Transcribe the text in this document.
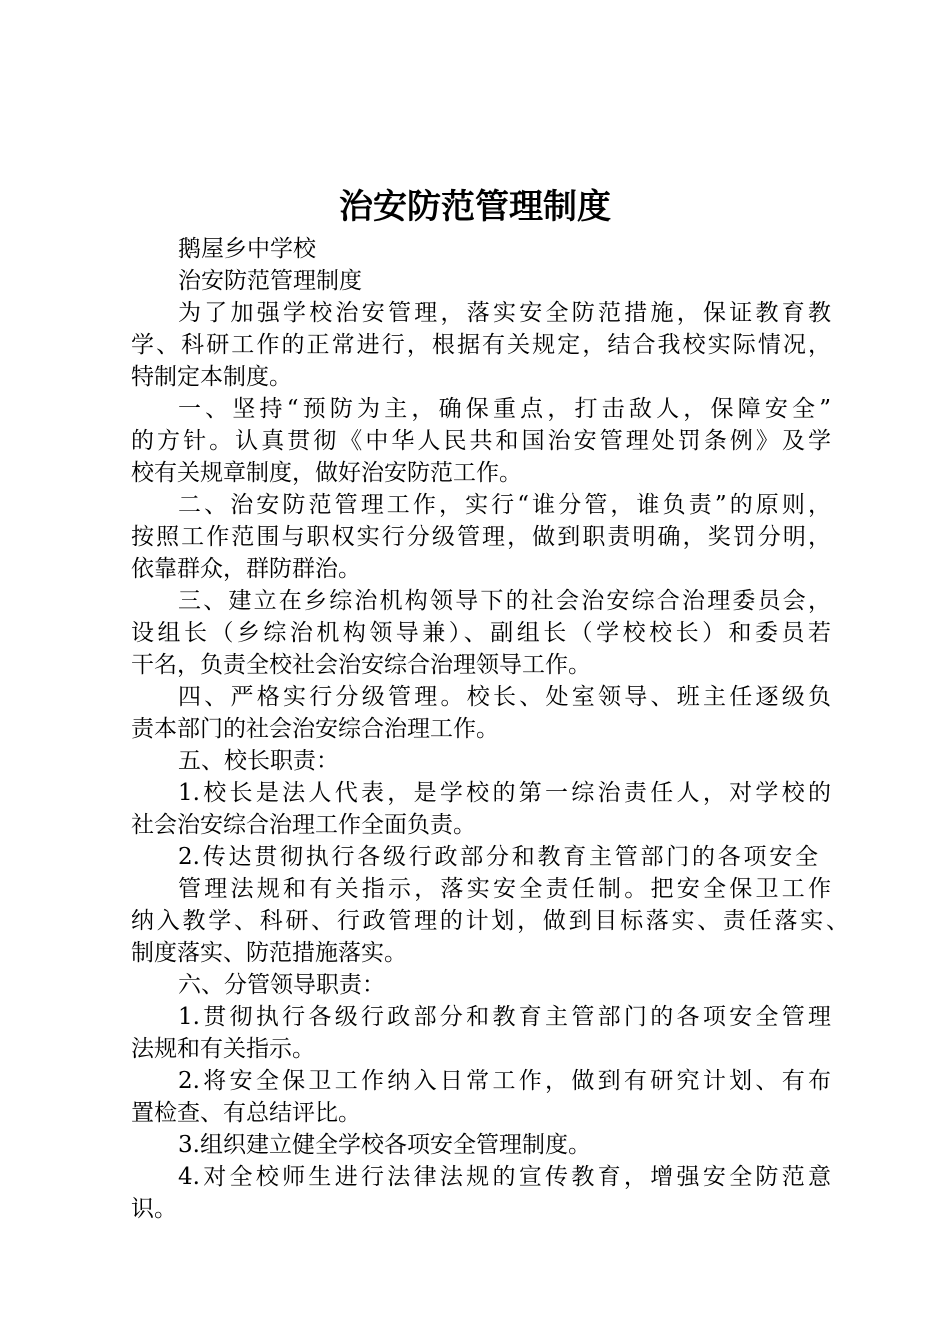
治安防范管理制度

鹅屋乡中学校

治安防范管理制度

为了加强学校治安管理，落实安全防范措施，保证教育教

学、科研工作的正常进行，根据有关规定，结合我校实际情况，

特制定本制度。

一、坚持“预防为主，确保重点，打击敌人，保障安全”

的方针。认真贯彻《中华人民共和国治安管理处罚条例》及学

校有关规章制度，做好治安防范工作。

二、治安防范管理工作，实行“谁分管，谁负责”的原则，

按照工作范围与职权实行分级管理，做到职责明确，奖罚分明，

依靠群众，群防群治。

三、建立在乡综治机构领导下的社会治安综合治理委员会，

设组长（乡综治机构领导兼）、副组长（学校校长）和委员若

干名，负责全校社会治安综合治理领导工作。

四、严格实行分级管理。校长、处室领导、班主任逐级负

责本部门的社会治安综合治理工作。

五、校长职责：

1.校长是法人代表，是学校的第一综治责任人，对学校的

社会治安综合治理工作全面负责。

2.传达贯彻执行各级行政部分和教育主管部门的各项安全

管理法规和有关指示，落实安全责任制。把安全保卫工作

纳入教学、科研、行政管理的计划，做到目标落实、责任落实、

制度落实、防范措施落实。

六、分管领导职责：

1.贯彻执行各级行政部分和教育主管部门的各项安全管理

法规和有关指示。

2.将安全保卫工作纳入日常工作，做到有研究计划、有布

置检查、有总结评比。

3.组织建立健全学校各项安全管理制度。

4.对全校师生进行法律法规的宣传教育，增强安全防范意

识。
